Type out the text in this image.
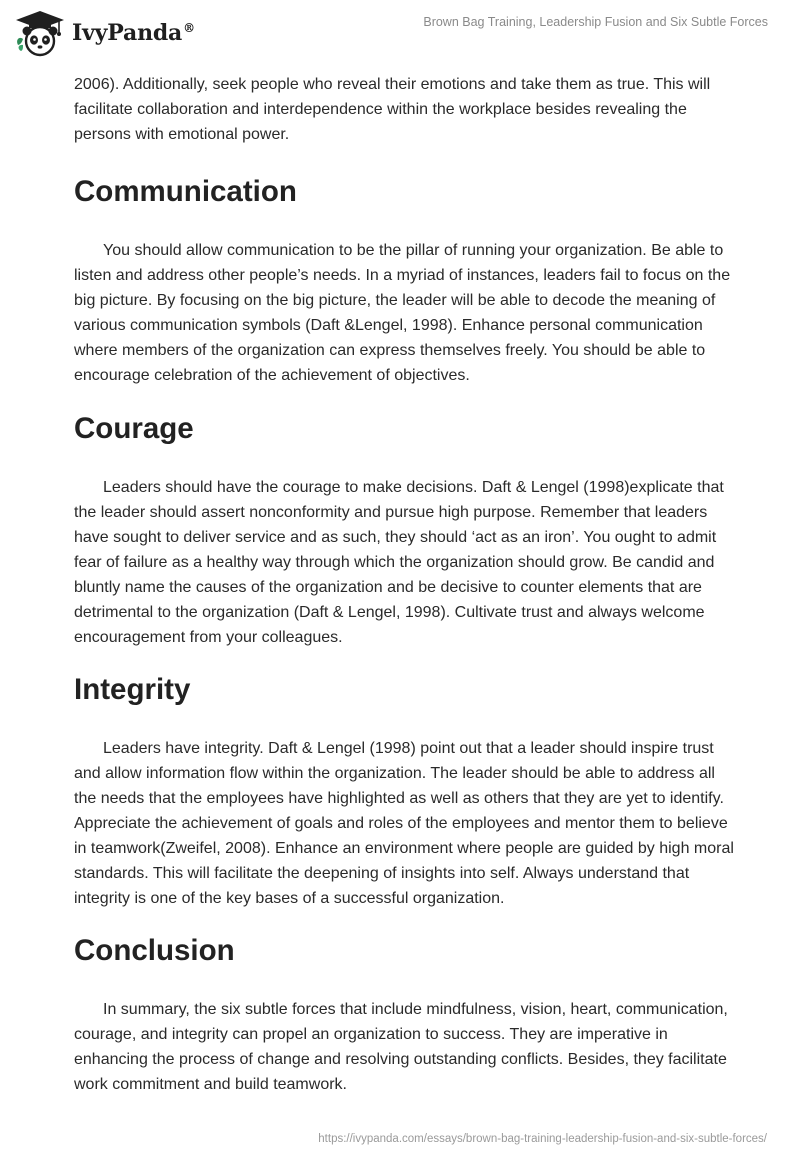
IvyPanda®	Brown Bag Training, Leadership Fusion and Six Subtle Forces

2006). Additionally, seek people who reveal their emotions and take them as true. This will facilitate collaboration and interdependence within the workplace besides revealing the persons with emotional power.

Communication

You should allow communication to be the pillar of running your organization. Be able to listen and address other people’s needs. In a myriad of instances, leaders fail to focus on the big picture. By focusing on the big picture, the leader will be able to decode the meaning of various communication symbols (Daft &Lengel, 1998). Enhance personal communication where members of the organization can express themselves freely. You should be able to encourage celebration of the achievement of objectives.

Courage

Leaders should have the courage to make decisions. Daft & Lengel (1998)explicate that the leader should assert nonconformity and pursue high purpose. Remember that leaders have sought to deliver service and as such, they should ‘act as an iron’. You ought to admit fear of failure as a healthy way through which the organization should grow. Be candid and bluntly name the causes of the organization and be decisive to counter elements that are detrimental to the organization (Daft & Lengel, 1998). Cultivate trust and always welcome encouragement from your colleagues.

Integrity

Leaders have integrity. Daft & Lengel (1998) point out that a leader should inspire trust and allow information flow within the organization. The leader should be able to address all the needs that the employees have highlighted as well as others that they are yet to identify. Appreciate the achievement of goals and roles of the employees and mentor them to believe in teamwork(Zweifel, 2008). Enhance an environment where people are guided by high moral standards. This will facilitate the deepening of insights into self. Always understand that integrity is one of the key bases of a successful organization.

Conclusion

In summary, the six subtle forces that include mindfulness, vision, heart, communication, courage, and integrity can propel an organization to success. They are imperative in enhancing the process of change and resolving outstanding conflicts. Besides, they facilitate work commitment and build teamwork.

https://ivypanda.com/essays/brown-bag-training-leadership-fusion-and-six-subtle-forces/
